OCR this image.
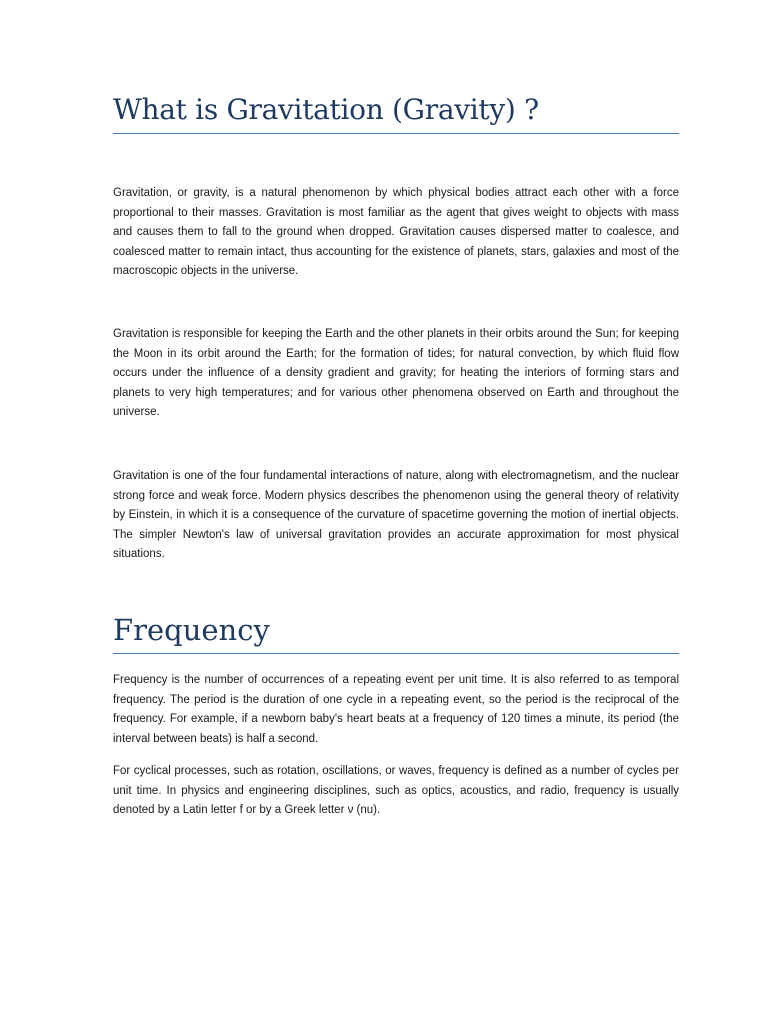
What is Gravitation (Gravity) ?

Gravitation, or gravity, is a natural phenomenon by which physical bodies attract each other with a force proportional to their masses. Gravitation is most familiar as the agent that gives weight to objects with mass and causes them to fall to the ground when dropped. Gravitation causes dispersed matter to coalesce, and coalesced matter to remain intact, thus accounting for the existence of planets, stars, galaxies and most of the macroscopic objects in the universe.

Gravitation is responsible for keeping the Earth and the other planets in their orbits around the Sun; for keeping the Moon in its orbit around the Earth; for the formation of tides; for natural convection, by which fluid flow occurs under the influence of a density gradient and gravity; for heating the interiors of forming stars and planets to very high temperatures; and for various other phenomena observed on Earth and throughout the universe.

Gravitation is one of the four fundamental interactions of nature, along with electromagnetism, and the nuclear strong force and weak force. Modern physics describes the phenomenon using the general theory of relativity by Einstein, in which it is a consequence of the curvature of spacetime governing the motion of inertial objects. The simpler Newton's law of universal gravitation provides an accurate approximation for most physical situations.

Frequency

Frequency is the number of occurrences of a repeating event per unit time. It is also referred to as temporal frequency. The period is the duration of one cycle in a repeating event, so the period is the reciprocal of the frequency. For example, if a newborn baby's heart beats at a frequency of 120 times a minute, its period (the interval between beats) is half a second.

For cyclical processes, such as rotation, oscillations, or waves, frequency is defined as a number of cycles per unit time. In physics and engineering disciplines, such as optics, acoustics, and radio, frequency is usually denoted by a Latin letter f or by a Greek letter ν (nu).
